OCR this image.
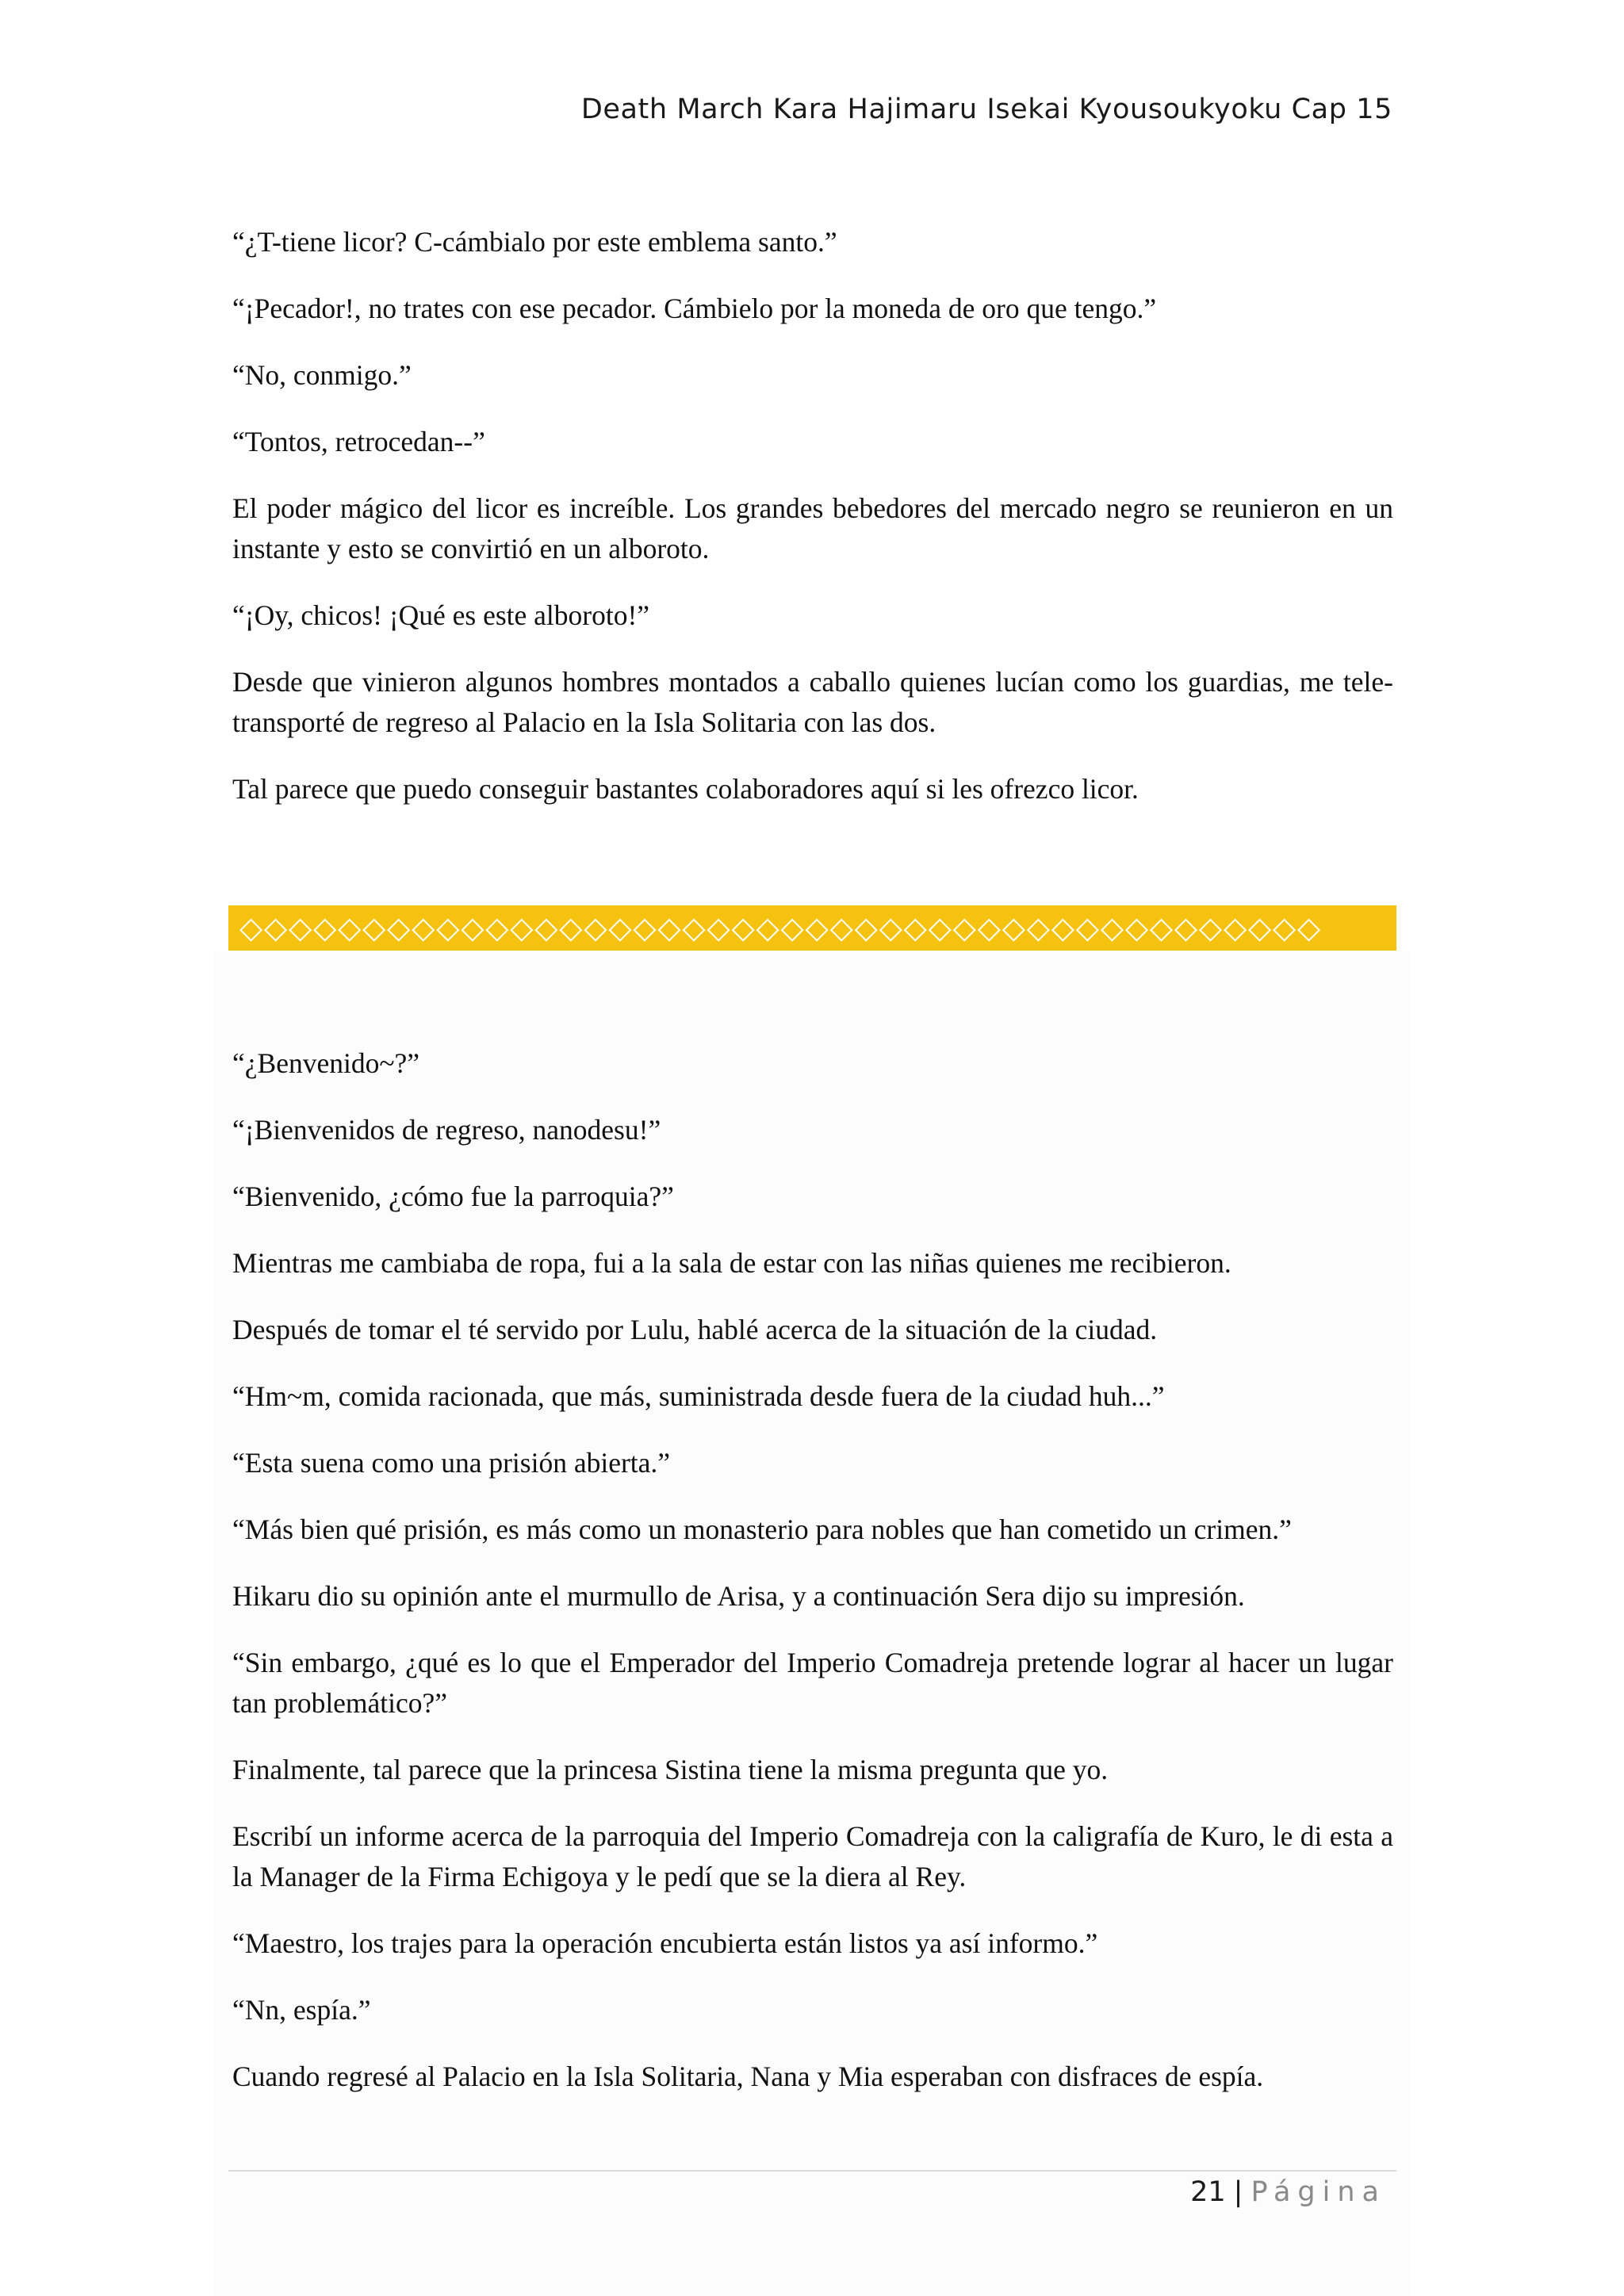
Death March Kara Hajimaru Isekai Kyousoukyoku Cap 15

“¿T-tiene licor? C-cámbialo por este emblema santo.”

“¡Pecador!, no trates con ese pecador. Cámbielo por la moneda de oro que tengo.”

“No, conmigo.”

“Tontos, retrocedan--”

El poder mágico del licor es increíble. Los grandes bebedores del mercado negro se reunieron en un instante y esto se convirtió en un alboroto.

“¡Oy, chicos! ¡Qué es este alboroto!”

Desde que vinieron algunos hombres montados a caballo quienes lucían como los guardias, me tele-transporté de regreso al Palacio en la Isla Solitaria con las dos.

Tal parece que puedo conseguir bastantes colaboradores aquí si les ofrezco licor.

◇◇◇◇◇◇◇◇◇◇◇◇◇◇◇◇◇◇◇◇◇◇◇◇◇◇◇◇◇◇◇◇◇◇◇◇◇◇◇◇◇◇◇◇

“¿Benvenido~?”

“¡Bienvenidos de regreso, nanodesu!”

“Bienvenido, ¿cómo fue la parroquia?”

Mientras me cambiaba de ropa, fui a la sala de estar con las niñas quienes me recibieron.

Después de tomar el té servido por Lulu, hablé acerca de la situación de la ciudad.

“Hm~m, comida racionada, que más, suministrada desde fuera de la ciudad huh...”

“Esta suena como una prisión abierta.”

“Más bien qué prisión, es más como un monasterio para nobles que han cometido un crimen.”

Hikaru dio su opinión ante el murmullo de Arisa, y a continuación Sera dijo su impresión.

“Sin embargo, ¿qué es lo que el Emperador del Imperio Comadreja pretende lograr al hacer un lugar tan problemático?”

Finalmente, tal parece que la princesa Sistina tiene la misma pregunta que yo.

Escribí un informe acerca de la parroquia del Imperio Comadreja con la caligrafía de Kuro, le di esta a la Manager de la Firma Echigoya y le pedí que se la diera al Rey.

“Maestro, los trajes para la operación encubierta están listos ya así informo.”

“Nn, espía.”

Cuando regresé al Palacio en la Isla Solitaria, Nana y Mia esperaban con disfraces de espía.

21 | Página
